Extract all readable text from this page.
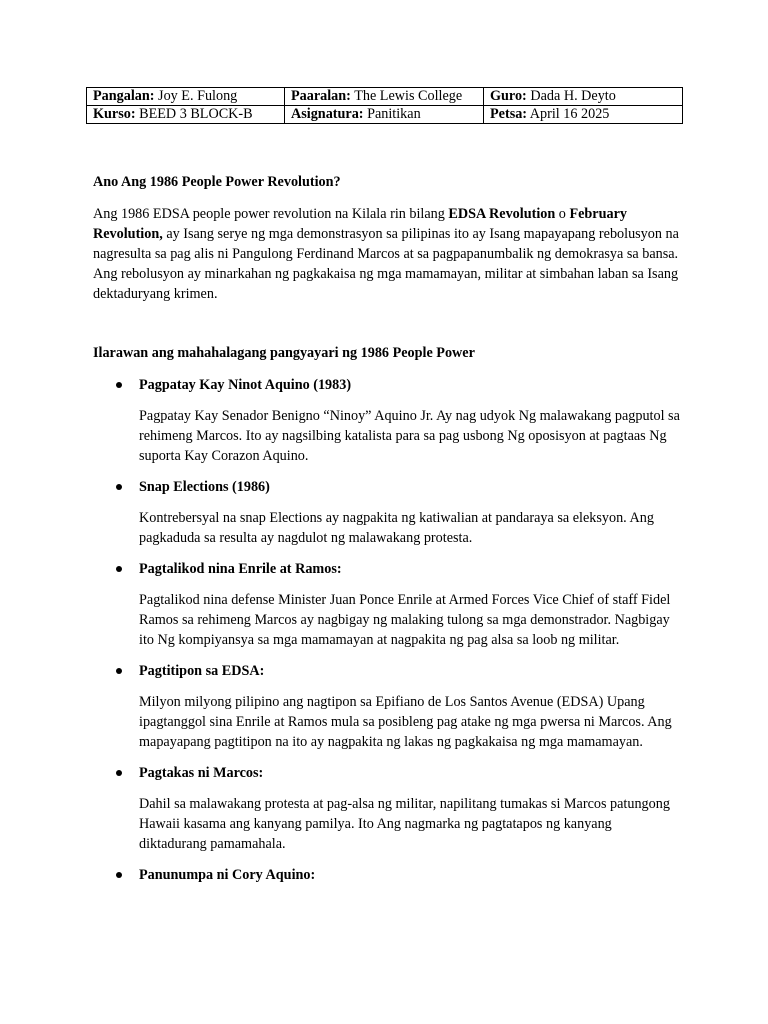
Pangalan: Joy E. Fulong	Paaralan: The Lewis College	Guro: Dada H. Deyto
Kurso: BEED 3 BLOCK-B	Asignatura: Panitikan	Petsa: April 16 2025

Ano Ang 1986 People Power Revolution?

Ang 1986 EDSA people power revolution na Kilala rin bilang EDSA Revolution o February Revolution, ay Isang serye ng mga demonstrasyon sa pilipinas ito ay Isang mapayapang rebolusyon na nagresulta sa pag alis ni Pangulong Ferdinand Marcos at sa pagpapanumbalik ng demokrasya sa bansa. Ang rebolusyon ay minarkahan ng pagkakaisa ng mga mamamayan, militar at simbahan laban sa Isang dektaduryang krimen.

Ilarawan ang mahahalagang pangyayari ng 1986 People Power

Pagpatay Kay Ninot Aquino (1983)
Pagpatay Kay Senador Benigno “Ninoy” Aquino Jr. Ay nag udyok Ng malawakang pagputol sa rehimeng Marcos. Ito ay nagsilbing katalista para sa pag usbong Ng oposisyon at pagtaas Ng suporta Kay Corazon Aquino.
Snap Elections (1986)
Kontrebersyal na snap Elections ay nagpakita ng katiwalian at pandaraya sa eleksyon. Ang pagkaduda sa resulta ay nagdulot ng malawakang protesta.
Pagtalikod nina Enrile at Ramos:
Pagtalikod nina defense Minister Juan Ponce Enrile at Armed Forces Vice Chief of staff Fidel Ramos sa rehimeng Marcos ay nagbigay ng malaking tulong sa mga demonstrador. Nagbigay ito Ng kompiyansya sa mga mamamayan at nagpakita ng pag alsa sa loob ng militar.
Pagtitipon sa EDSA:
Milyon milyong pilipino ang nagtipon sa Epifiano de Los Santos Avenue (EDSA) Upang ipagtanggol sina Enrile at Ramos mula sa posibleng pag atake ng mga pwersa ni Marcos. Ang mapayapang pagtitipon na ito ay nagpakita ng lakas ng pagkakaisa ng mga mamamayan.
Pagtakas ni Marcos:
Dahil sa malawakang protesta at pag-alsa ng militar, napilitang tumakas si Marcos patungong Hawaii kasama ang kanyang pamilya. Ito Ang nagmarka ng pagtatapos ng kanyang diktadurang pamamahala.
Panunumpa ni Cory Aquino:
